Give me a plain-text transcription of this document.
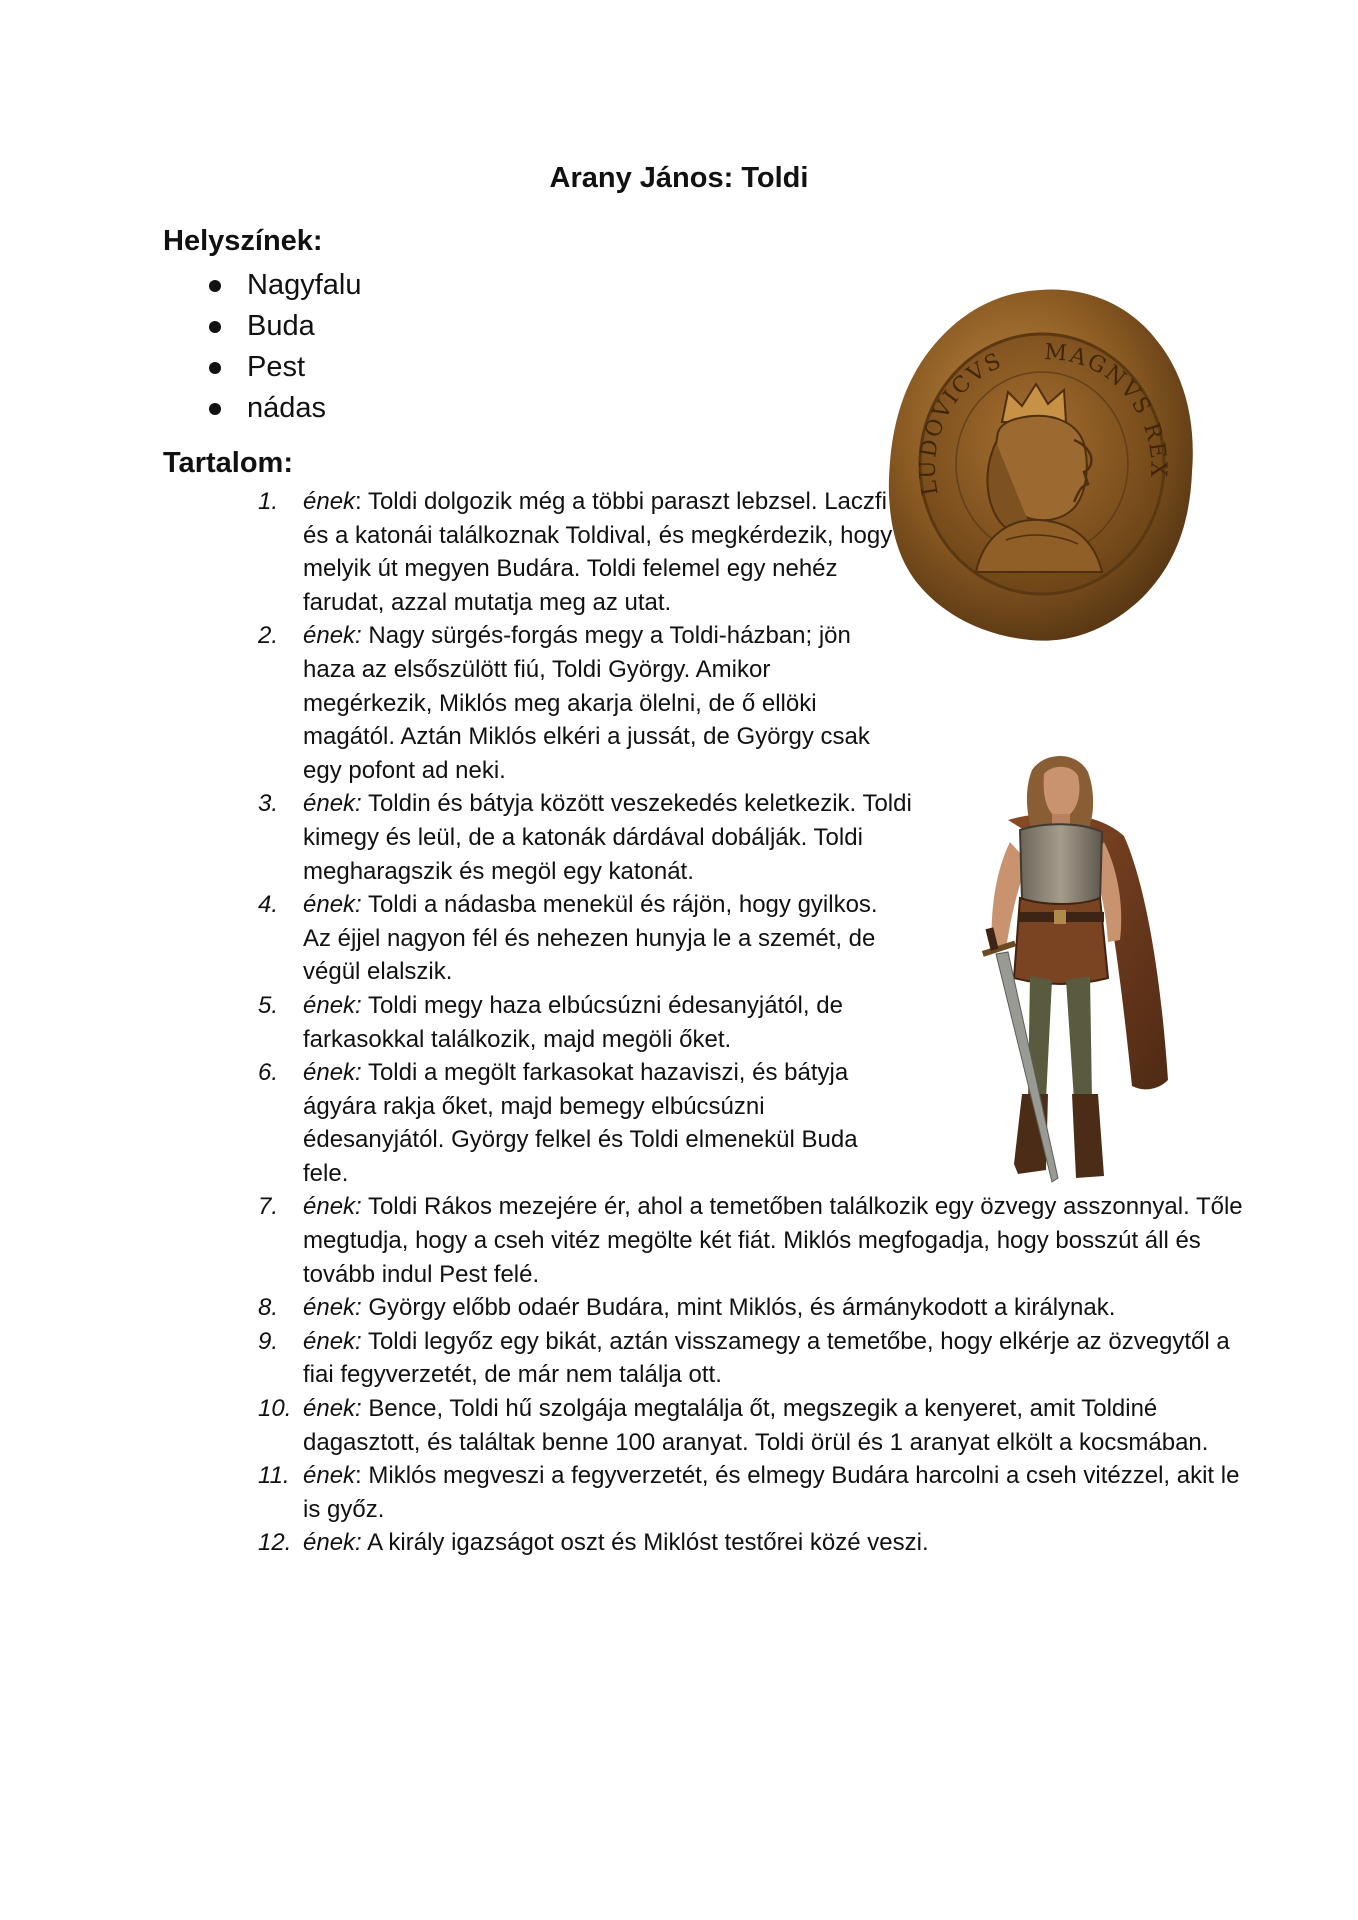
Arany János: Toldi
Helyszínek:
Nagyfalu
Buda
Pest
nádas
Tartalom:
1. ének: Toldi dolgozik még a többi paraszt lebzsel. Laczfi és a katonái találkoznak Toldival, és megkérdezik, hogy melyik út megyen Budára. Toldi felemel egy nehéz farudat, azzal mutatja meg az utat.
2. ének: Nagy sürgés-forgás megy a Toldi-házban; jön haza az elsőszülött fiú, Toldi György. Amikor megérkezik, Miklós meg akarja ölelni, de ő ellöki magától. Aztán Miklós elkéri a jussát, de György csak egy pofont ad neki.
3. ének: Toldin és bátyja között veszekedés keletkezik. Toldi kimegy és leül, de a katonák dárdával dobálják. Toldi megharagszik és megöl egy katonát.
4. ének: Toldi a nádasba menekül és rájön, hogy gyilkos. Az éjjel nagyon fél és nehezen hunyja le a szemét, de végül elalszik.
5. ének: Toldi megy haza elbúcsúzni édesanyjától, de farkasokkal találkozik, majd megöli őket.
6. ének: Toldi a megölt farkasokat hazaviszi, és bátyja ágyára rakja őket, majd bemegy elbúcsúzni édesanyjától. György felkel és Toldi elmenekül Buda fele.
7. ének: Toldi Rákos mezejére ér, ahol a temetőben találkozik egy özvegy asszonnyal. Tőle megtudja, hogy a cseh vitéz megölte két fiát. Miklós megfogadja, hogy bosszút áll és tovább indul Pest felé.
8. ének: György előbb odaér Budára, mint Miklós, és ármánykodott a királynak.
9. ének: Toldi legyőz egy bikát, aztán visszamegy a temetőbe, hogy elkérje az özvegytől a fiai fegyverzetét, de már nem találja ott.
10. ének: Bence, Toldi hű szolgája megtalálja őt, megszegik a kenyeret, amit Toldiné dagasztott, és találtak benne 100 aranyat. Toldi örül és 1 aranyat elkölt a kocsmában.
11. ének: Miklós megveszi a fegyverzetét, és elmegy Budára harcolni a cseh vitézzel, akit le is győz.
12. ének: A király igazságot oszt és Miklóst testőrei közé veszi.
LUDOVICVS MAGNVS REX
